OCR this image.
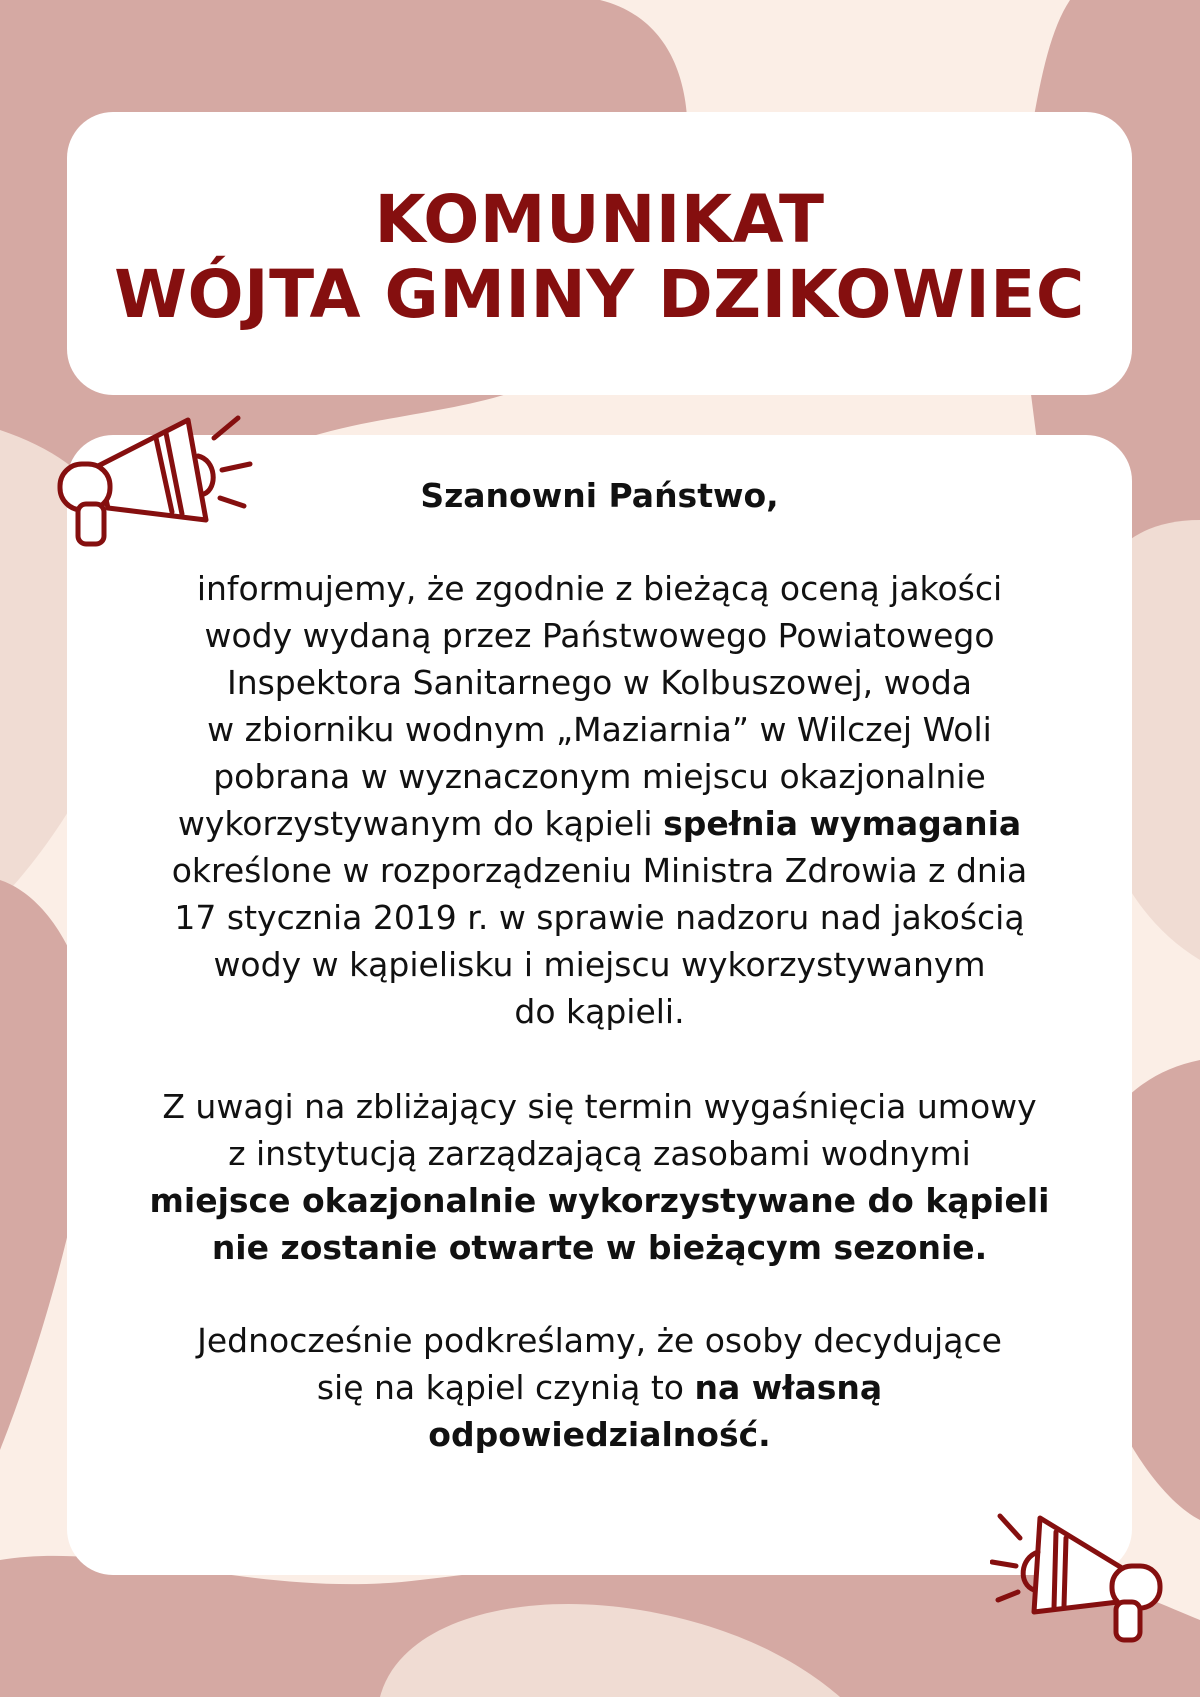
KOMUNIKAT
WÓJTA GMINY DZIKOWIEC

Szanowni Państwo,

informujemy, że zgodnie z bieżącą oceną jakości
wody wydaną przez Państwowego Powiatowego
Inspektora Sanitarnego w Kolbuszowej, woda
w zbiorniku wodnym „Maziarnia” w Wilczej Woli
pobrana w wyznaczonym miejscu okazjonalnie
wykorzystywanym do kąpieli spełnia wymagania
określone w rozporządzeniu Ministra Zdrowia z dnia
17 stycznia 2019 r. w sprawie nadzoru nad jakością
wody w kąpielisku i miejscu wykorzystywanym
do kąpieli.

Z uwagi na zbliżający się termin wygaśnięcia umowy
z instytucją zarządzającą zasobami wodnymi
miejsce okazjonalnie wykorzystywane do kąpieli
nie zostanie otwarte w bieżącym sezonie.

Jednocześnie podkreślamy, że osoby decydujące
się na kąpiel czynią to na własną
odpowiedzialność.
